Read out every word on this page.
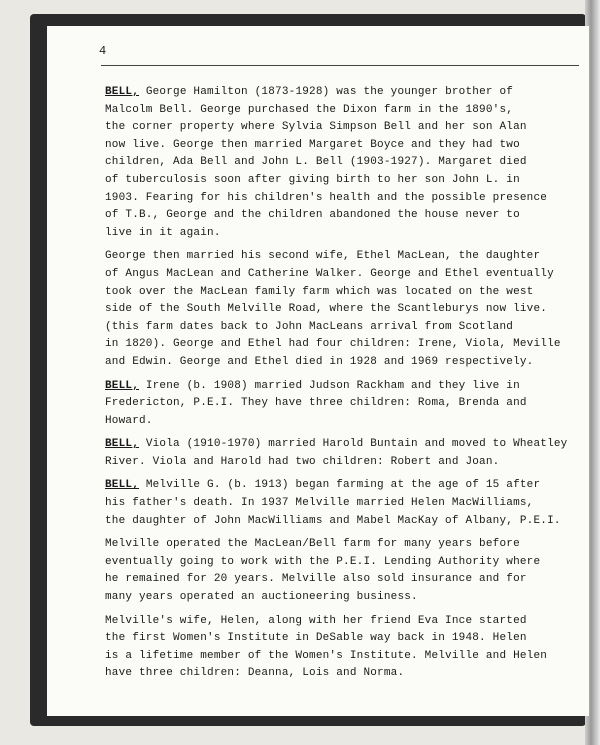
4

BELL, George Hamilton (1873-1928) was the younger brother of
Malcolm Bell. George purchased the Dixon farm in the 1890's,
the corner property where Sylvia Simpson Bell and her son Alan
now live. George then married Margaret Boyce and they had two
children, Ada Bell and John L. Bell (1903-1927). Margaret died
of tuberculosis soon after giving birth to her son John L. in
1903. Fearing for his children's health and the possible presence
of T.B., George and the children abandoned the house never to
live in it again.

George then married his second wife, Ethel MacLean, the daughter
of Angus MacLean and Catherine Walker. George and Ethel eventually
took over the MacLean family farm which was located on the west
side of the South Melville Road, where the Scantleburys now live.
(this farm dates back to John MacLeans arrival from Scotland
in 1820). George and Ethel had four children: Irene, Viola, Meville
and Edwin. George and Ethel died in 1928 and 1969 respectively.

BELL, Irene (b. 1908) married Judson Rackham and they live in
Fredericton, P.E.I. They have three children: Roma, Brenda and
Howard.

BELL, Viola (1910-1970) married Harold Buntain and moved to Wheatley
River. Viola and Harold had two children: Robert and Joan.

BELL, Melville G. (b. 1913) began farming at the age of 15 after
his father's death. In 1937 Melville married Helen MacWilliams,
the daughter of John MacWilliams and Mabel MacKay of Albany, P.E.I.

Melville operated the MacLean/Bell farm for many years before
eventually going to work with the P.E.I. Lending Authority where
he remained for 20 years. Melville also sold insurance and for
many years operated an auctioneering business.

Melville's wife, Helen, along with her friend Eva Ince started
the first Women's Institute in DeSable way back in 1948. Helen
is a lifetime member of the Women's Institute. Melville and Helen
have three children: Deanna, Lois and Norma.
